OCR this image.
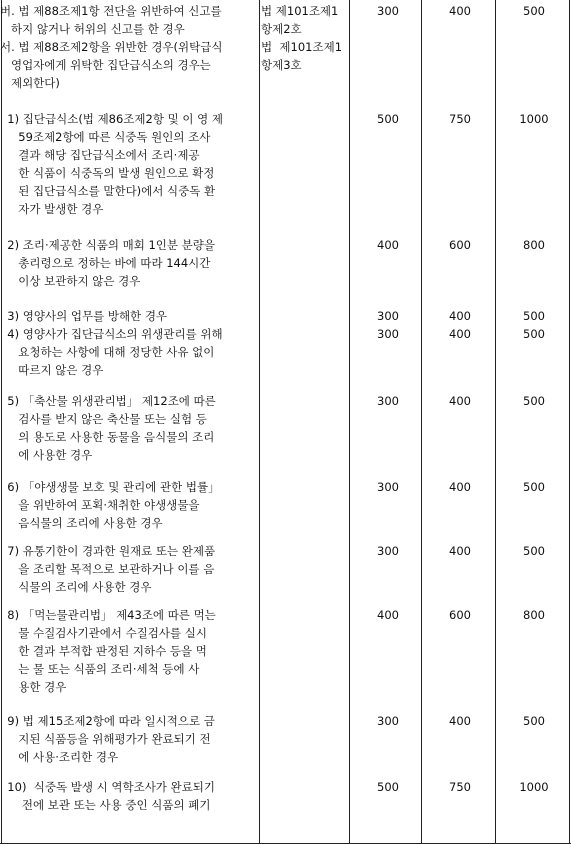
버. 법 제88조제1항 전단을 위반하여 신고를
하지 않거나 허위의 신고를 한 경우
법 제101조제1
항제2호
300	400	500
서. 법 제88조제2항을 위반한 경우(위탁급식
영업자에게 위탁한 집단급식소의 경우는
제외한다)
법  제101조제1
항제3호
1) 집단급식소(법 제86조제2항 및 이 영 제
59조제2항에 따른 식중독 원인의 조사
결과 해당 집단급식소에서 조리·제공
한 식품이 식중독의 발생 원인으로 확정
된 집단급식소를 말한다)에서 식중독 환
자가 발생한 경우
500	750	1000
2) 조리·제공한 식품의 매회 1인분 분량을
총리령으로 정하는 바에 따라 144시간
이상 보관하지 않은 경우
400	600	800
3) 영양사의 업무를 방해한 경우	300	400	500
4) 영양사가 집단급식소의 위생관리를 위해
요청하는 사항에 대해 정당한 사유 없이
따르지 않은 경우
300	400	500
5) 「축산물 위생관리법」 제12조에 따른
검사를 받지 않은 축산물 또는 실험 등
의 용도로 사용한 동물을 음식물의 조리
에 사용한 경우
300	400	500
6) 「야생생물 보호 및 관리에 관한 법률」
을 위반하여 포획·채취한 야생생물을
음식물의 조리에 사용한 경우
300	400	500
7) 유통기한이 경과한 원재료 또는 완제품
을 조리할 목적으로 보관하거나 이를 음
식물의 조리에 사용한 경우
300	400	500
8) 「먹는물관리법」 제43조에 따른 먹는
물 수질검사기관에서 수질검사를 실시
한 결과 부적합 판정된 지하수 등을 먹
는 물 또는 식품의 조리·세척 등에 사
용한 경우
400	600	800
9) 법 제15조제2항에 따라 일시적으로 금
지된 식품등을 위해평가가 완료되기 전
에 사용·조리한 경우
300	400	500
10)  식중독 발생 시 역학조사가 완료되기
전에 보관 또는 사용 중인 식품의 폐기
500	750	1000
